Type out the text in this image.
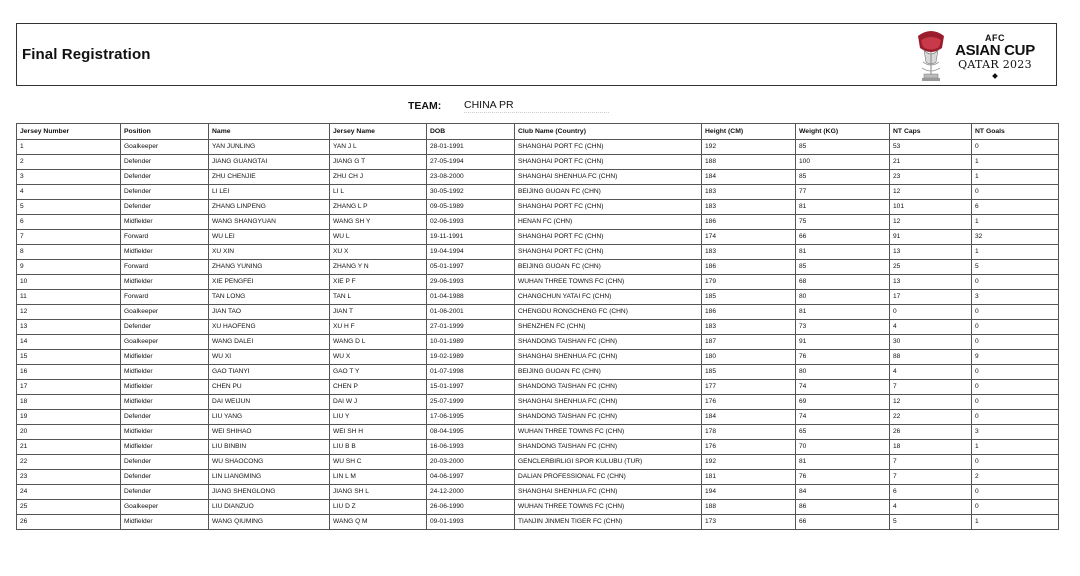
Final Registration
AFC
ASIAN CUP
QATAR 2023
TEAM: CHINA PR
Jersey Number	Position	Name	Jersey Name	DOB	Club Name (Country)	Height (CM)	Weight (KG)	NT Caps	NT Goals
1	Goalkeeper	YAN JUNLING	YAN J L	28-01-1991	SHANGHAI PORT FC (CHN)	192	85	53	0
2	Defender	JIANG GUANGTAI	JIANG G T	27-05-1994	SHANGHAI PORT FC (CHN)	188	100	21	1
3	Defender	ZHU CHENJIE	ZHU CH J	23-08-2000	SHANGHAI SHENHUA FC (CHN)	184	85	23	1
4	Defender	LI LEI	LI L	30-05-1992	BEIJING GUOAN FC (CHN)	183	77	12	0
5	Defender	ZHANG LINPENG	ZHANG L P	09-05-1989	SHANGHAI PORT FC (CHN)	183	81	101	6
6	Midfielder	WANG SHANGYUAN	WANG SH Y	02-06-1993	HENAN FC (CHN)	186	75	12	1
7	Forward	WU LEI	WU L	19-11-1991	SHANGHAI PORT FC (CHN)	174	66	91	32
8	Midfielder	XU XIN	XU X	19-04-1994	SHANGHAI PORT FC (CHN)	183	81	13	1
9	Forward	ZHANG YUNING	ZHANG Y N	05-01-1997	BEIJING GUOAN FC (CHN)	186	85	25	5
10	Midfielder	XIE PENGFEI	XIE P F	29-06-1993	WUHAN THREE TOWNS FC (CHN)	179	68	13	0
11	Forward	TAN LONG	TAN L	01-04-1988	CHANGCHUN YATAI FC (CHN)	185	80	17	3
12	Goalkeeper	JIAN TAO	JIAN T	01-06-2001	CHENGDU RONGCHENG FC (CHN)	186	81	0	0
13	Defender	XU HAOFENG	XU H F	27-01-1999	SHENZHEN FC (CHN)	183	73	4	0
14	Goalkeeper	WANG DALEI	WANG D L	10-01-1989	SHANDONG TAISHAN FC (CHN)	187	91	30	0
15	Midfielder	WU XI	WU X	19-02-1989	SHANGHAI SHENHUA FC (CHN)	180	76	88	9
16	Midfielder	GAO TIANYI	GAO T Y	01-07-1998	BEIJING GUOAN FC (CHN)	185	80	4	0
17	Midfielder	CHEN PU	CHEN P	15-01-1997	SHANDONG TAISHAN FC (CHN)	177	74	7	0
18	Midfielder	DAI WEIJUN	DAI W J	25-07-1999	SHANGHAI SHENHUA FC (CHN)	176	69	12	0
19	Defender	LIU YANG	LIU Y	17-06-1995	SHANDONG TAISHAN FC (CHN)	184	74	22	0
20	Midfielder	WEI SHIHAO	WEI SH H	08-04-1995	WUHAN THREE TOWNS FC (CHN)	178	65	26	3
21	Midfielder	LIU BINBIN	LIU B B	16-06-1993	SHANDONG TAISHAN FC (CHN)	176	70	18	1
22	Defender	WU SHAOCONG	WU SH C	20-03-2000	GENCLERBIRLIGI SPOR KULUBU (TUR)	192	81	7	0
23	Defender	LIN LIANGMING	LIN L M	04-06-1997	DALIAN PROFESSIONAL FC (CHN)	181	76	7	2
24	Defender	JIANG SHENGLONG	JIANG SH L	24-12-2000	SHANGHAI SHENHUA FC (CHN)	194	84	6	0
25	Goalkeeper	LIU DIANZUO	LIU D Z	26-06-1990	WUHAN THREE TOWNS FC (CHN)	188	86	4	0
26	Midfielder	WANG QIUMING	WANG Q M	09-01-1993	TIANJIN JINMEN TIGER FC (CHN)	173	66	5	1
